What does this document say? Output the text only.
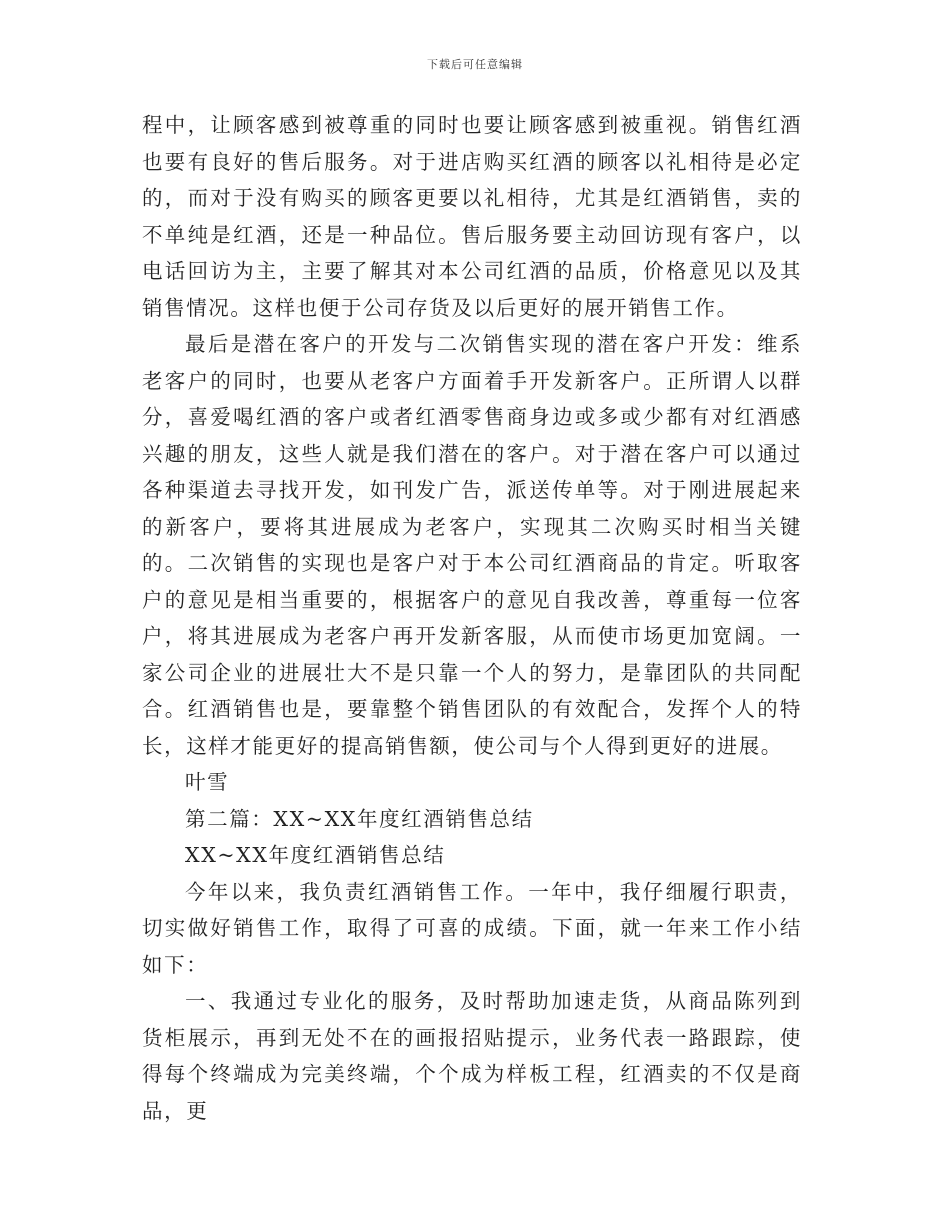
下载后可任意编辑

程中，让顾客感到被尊重的同时也要让顾客感到被重视。销售红酒也要有良好的售后服务。对于进店购买红酒的顾客以礼相待是必定的，而对于没有购买的顾客更要以礼相待，尤其是红酒销售，卖的不单纯是红酒，还是一种品位。售后服务要主动回访现有客户，以电话回访为主，主要了解其对本公司红酒的品质，价格意见以及其销售情况。这样也便于公司存货及以后更好的展开销售工作。

最后是潜在客户的开发与二次销售实现的潜在客户开发：维系老客户的同时，也要从老客户方面着手开发新客户。正所谓人以群分，喜爱喝红酒的客户或者红酒零售商身边或多或少都有对红酒感兴趣的朋友，这些人就是我们潜在的客户。对于潜在客户可以通过各种渠道去寻找开发，如刊发广告，派送传单等。对于刚进展起来的新客户，要将其进展成为老客户，实现其二次购买时相当关键的。二次销售的实现也是客户对于本公司红酒商品的肯定。听取客户的意见是相当重要的，根据客户的意见自我改善，尊重每一位客户，将其进展成为老客户再开发新客服，从而使市场更加宽阔。一家公司企业的进展壮大不是只靠一个人的努力，是靠团队的共同配合。红酒销售也是，要靠整个销售团队的有效配合，发挥个人的特长，这样才能更好的提高销售额，使公司与个人得到更好的进展。

叶雪

第二篇：XX~XX年度红酒销售总结

XX~XX年度红酒销售总结

今年以来，我负责红酒销售工作。一年中，我仔细履行职责，切实做好销售工作，取得了可喜的成绩。下面，就一年来工作小结如下：

一、我通过专业化的服务，及时帮助加速走货，从商品陈列到货柜展示，再到无处不在的画报招贴提示，业务代表一路跟踪，使得每个终端成为完美终端，个个成为样板工程，红酒卖的不仅是商品，更
